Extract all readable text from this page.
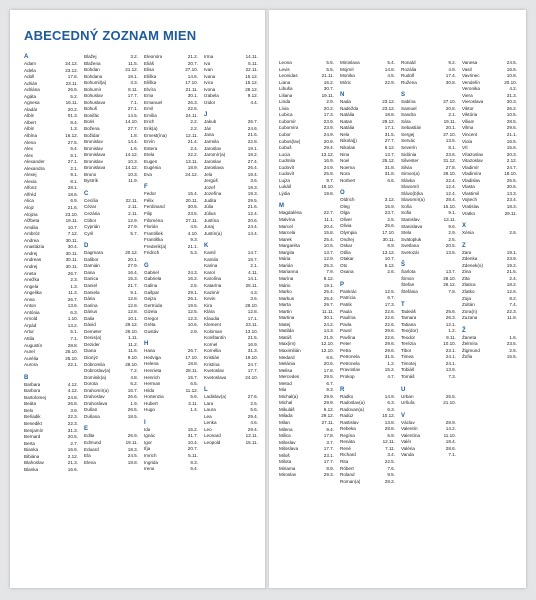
ABECEDNÝ ZOZNAM MIEN
A
Adam	24.12.
Adela	23.12.
Adolf	17.6.
Adrián	23.11.
Adriána	26.6.
Agáta	5.2.
Agnesa	16.11.
Aladár	20.2.
Albín	01.3.
Albert	8.4.
Albín	1.3.
Albína	16.12.
Alena	27.5.
Alex	6.4.
Alex	9.1.
Alexander	27.1.
Alexandra	2.1.
Alexej	9.1.
Alexia	8.1.
Alfonz	28.1.
Alfréd	18.6.
Alica	6.9.
Alojz	21.6.
Alojzia	23.10.
Alžbeta	19.11.
Amália	10.7.
Ambróz	7.12.
Andrea	30.11.
Anastázia	30.4.
Andrej	30.11.
Andreas	30.11.
Andrej	30.11.
Aneta	26.7.
Anežka	2.3.
Angela	1.3.
Angelika	11.3.
Anna	26.7.
Anton	13.6.
Antónia	6.3.
Arnold	1.10.
Árpád	13.2.
Artur	5.1.
Attila	7.1.
Augustín	28.8.
Aurel	25.10.
Aurélia	25.10.
Aurora	22.1.
B
Barbara	4.12.
Barbora	4.12.
Bartolomej	24.8.
Beáta	26.8.
Belo	3.9.
Beňadik	22.3.
Benedikt	22.3.
Benjamín	31.3.
Bernard	20.5.
Berta	2.7.
Bianka	16.6.
Bibiána	2.12.
Blahoslav	21.3.
Blanka	16.6.
Blažej	3.2.
Blažena	11.5.
Bohdan	21.12.
Bohdana	18.1.
Bohumil(a)	3.3.
Bohumír	8.11.
Bohuslav	17.7.
Bohuslava	7.1.
Bohuš	27.1.
Bonifác	14.5.
Boris	14.10.
Božena	27.7.
Božidar	1.8.
Bronislav	14.4.
Bronislav	1.6.
Bronislava	14.12.
Bronislav	10.3.
Bronislava	14.12.
Bruno	10.3.
Bystrík	11.9.
C
Cecília	22.11.
Cézar	2.11.
Cezária	2.11.
Ctibor	12.9.
Cyprián	27.9.
Cyril	5.7.
D
Dagmara	20.12.
Dalibor	20.1.
Damián	27.9.
Dana	16.4.
Danica	15.3.
Daniel	21.7.
Daniela	9.1.
Dária	12.8.
Darina	12.8.
Dárius	12.8.
Dalia	10.1.
Dávid	29.12.
Demeter	26.10.
Denis(a)	1.11.
Dezider	11.2.
Diana	11.6.
Dionýz	9.10.
Dobromila	28.10.
Dobroslav(a)	7.2.
Dominik(a)	4.8.
Dorota	6.2.
Drahomír(a)	16.7.
Drahoslav	26.6.
Drahoslava	1.9.
Dušan	26.5.
Dušana	18.5.
E
Edita	26.9.
Edmund	19.11.
Eduard	18.3.
Ela	24.5.
Elena	18.8.
Eleonóra	21.2.
Eliáš	20.7.
Elisa	27.10.
Eliška	14.6.
Eliška	17.10.
Elvíra	21.11.
Ema	30.1.
Emanuel	26.3.
Emil	22.5.
Emília	24.11.
Erich	2.2.
Erik(a)	2.2.
Ernest(ína)	12.11.
Ervín	21.4.
Estera	2.4.
Etela	22.2.
Eugen	13.11.
Eugénia	18.9.
Eva	24.12.
F
Fedor	15.4.
Félix	20.11.
Ferdinand	30.5.
Filip	23.5.
Filoména	27.11.
Florián	4.5.
František	4.10.
Františka	9.3.
Frederik(a)	21.1.
Fridrich	5.3.
G
Gabriel	24.3.
Gabriela	16.2.
Galina	2.5.
Gašpar	29.1.
Gejza	26.1.
Gertrúda	19.5.
Gizela	12.5.
Gregor	12.3.
Gréta	10.6.
Gustáv	2.9.
H
Hana	26.7.
Hedviga	17.10.
Helena	18.8.
Henrieta	28.11.
Henrich	15.7.
Herman	6.5.
Hilda	11.12.
Hortenzia	5.6.
Hubert	3.11.
Hugo	1.4.
I
Ida	15.2.
Ignác	31.7.
Igor	10.4.
Iľja	20.7.
Imrich	5.11.
Ingrida	8.3.
Irena	6.4.
Irma	14.11.
Iva	5.11.
Ivan	22.11.
Ivana	15.12.
Ivica	15.12.
Ivona	28.12.
Izabela	9.12.
Izidor	4.4.
J
Jakub	25.7.
Ján	24.6.
Jana	21.6.
Jarmila	22.8.
Jaroslav	19.1.
Jaromír(a)	18.2.
Jaroslav	27.4.
Jaroslava	26.4.
Jela	19.4.
Jergúš	3.6.
Jozef	19.3.
Jozefína	19.3.
Judita	29.5.
Júlia	21.6.
Július	12.4.
Justína	20.6.
Juraj	24.4.
Justín(a)	14.4.
K
Kamil	14.7.
Kamila	18.7.
Karina	2.1.
Karol	4.11.
Karolína	14.1.
Katarína	25.11.
Kazimír	4.3.
Kevin	3.6.
Kira	29.10.
Klára	12.8.
Klaudia	17.1.
Klement	23.11.
Koloman	13.10.
Konštantín	21.5.
Kornel	16.9.
Kornélia	31.3.
Kristián	19.10.
Kristína	24.7.
Kvetoslav	17.7.
Kvetoslava	24.10.
L
Ladislav(a)	27.6.
Lara	2.5.
Laura	5.6.
Lea	29.4.
Lenka	4.6.
Leo	29.4.
Leonard	13.11.
Leopold	15.11.
Leona	5.5.
Levis	5.5.
Leonidas	21.11.
Liana	16.2.
Libuša	30.7.
Liliana	19.11.
Linda	2.9.
Lívia	20.2.
Lubica	17.3.
Ľubomír	23.9.
Ľubomíra	23.9.
Ľubor	24.9.
Ľubos(lav)	20.9.
Ľubuš	29.4.
Lucia	13.12.
Ľudmila	16.9.
Ľudovít	24.9.
Ľudovít	25.8.
Lujza	9.7.
Lukáš	18.10.
Lýdia	19.8.
M
Magdaléna	22.7.
Malvína	11.1.
Marcel	20.4.
Marcela	15.8.
Marek	25.4.
Margaréta	10.6.
Margita	13.7.
Mária	12.9.
Marián	25.3.
Marianna	7.9.
Marína	8.12.
Mário	19.1.
Marko	25.4.
Markus	25.4.
Marta	29.7.
Martin	11.11.
Martina	30.1.
Matej	24.2.
Matilda	14.3.
Matúš	21.9.
Max(im)	12.10.
Maximilián	12.10.
Medard	8.6.
Melánia	20.6.
Melisa	17.8.
Mercedes	29.5.
Metod	6.7.
Mia	9.3.
Michal(a)	29.9.
Michal	29.9.
Mikuláš	6.12.
Milada	29.12.
Milan	27.11.
Milena	9.4.
Milica	17.8.
Miloslav	3.7.
Miloslava	17.7.
Miloš	23.1.
Milota	17.7.
Miriama	8.9.
Miroslav	29.3.
Miroslava	5.4.
Mojmír	14.8.
Monika	4.5.
Móric	22.9.
N
Nada	23.12.
Nadežda	23.12.
Natália	18.8.
Natan	29.12.
Natália	17.1.
Nela	31.5.
Nikola(j)	27.7.
Nikolas	6.12.
Nina	13.7.
Noel	25.12.
Noema	31.8.
Nora	31.8.
Norbert	6.6.
O
Oldrich	3.12.
Oleg	15.9.
Olga	23.7.
Oliver	2.5.
Olivia	25.6.
Olympia	17.10.
Ondrej	30.11.
Oskar	8.9.
Otília	13.12.
Otakar	10.7.
Oto	5.12.
Oxana	2.6.
P
Pankrác	12.5.
Patrícia	6.7.
Patrik	17.3.
Paula	22.6.
Paulína	22.6.
Pavla	22.6.
Pavol	29.6.
Pavlína	22.6.
Peter	29.6.
Petra	29.6.
Petronela	31.5.
Petronela	1.2.
Pravoslav	15.2.
Prokop	4.7.
R
Radko	14.9.
Radoslav(a)	6.3.
Radovan(a)	6.3.
Radúz	10.12.
Rastislav	13.8.
Rebeka	28.8.
Regína	5.9.
Renáta	12.11.
René	7.11.
Richard	3.4.
Rita	22.5.
Róbert	7.6.
Roland	9.5.
Roman(a)	28.2.
Ronald	9.2.
Rozália	4.9.
Rudolf	17.4.
Ružena	30.8.
S
Sabína	27.10.
Samuel	20.8.
Sandra	2.1.
Sára	19.11.
Sebastián	20.1.
Sergej	27.10.
Servác	13.5.
Severín	8.1.
Sidónia	23.6.
Silvester	31.12.
Silvia	27.8.
Simon(a)	28.10.
Slávka	22.4.
Slavomír	12.4.
Slávo(b)ka	12.4.
Slavomír(a)	28.4.
Soňa	15.10.
Sofia	9.1.
Stanislav	13.11.
Stanislava	9.6.
Stela	2.9.
Svätopluk	2.5.
Svetlana	20.5.
Svetozár	13.6.
Š
Šarlota	13.7.
Šimon	28.10.
Štefan	26.12.
Štefánia	7.8.
T
Tadeáš	25.6.
Tamara	26.3.
Tatiana	12.1.
Teo(dor)	1.2.
Teodor	9.11.
Terézia	10.10.
Tibor	23.1.
Timea	24.1.
Timotej	24.1.
Tobiáš	13.9.
Tomáš	7.3.
U
Urban	25.5.
Uršuľa	21.10.
V
Václav	28.9.
Valentín	14.2.
Valentína	11.10.
Valér	18.4.
Valéria	28.6.
Vanda	7.1.
Vanesa	24.5.
Vasil	16.6.
Vavrinec	10.8.
Vendelín	20.10.
Veronika	4.2.
Viera	31.3.
Vieroslava	30.3.
Viktor	26.2.
Viktória	10.5.
Viliam	28.5.
Vilma	29.5.
Vincent	21.1.
Viola	16.5.
Vít	15.6.
Vítazoslav	20.3.
Vitazoslav	2.12.
Vladimír	24.7.
Vladimíra	18.10.
Vladislav	25.5.
Vlasta	30.6.
Vlastimil	13.3.
Vojtech	23.4.
Vratislav	18.3.
Vratko	29.11.
X
Xénia	2.6.
Z
Zara	19.1.
Zdenka	23.9.
Zdenek(o)	19.2.
Zina	21.5.
Zita	2.4.
Zlatica	18.2.
Zlatko	12.6.
Zoja	8.2.
Zoltán	7.4.
Zora(n)	22.3.
Zuzana	11.8.
Ž
Žaneta	1.6.
Želmíra	23.5.
Žigmund	2.5.
Žofia	15.5.
